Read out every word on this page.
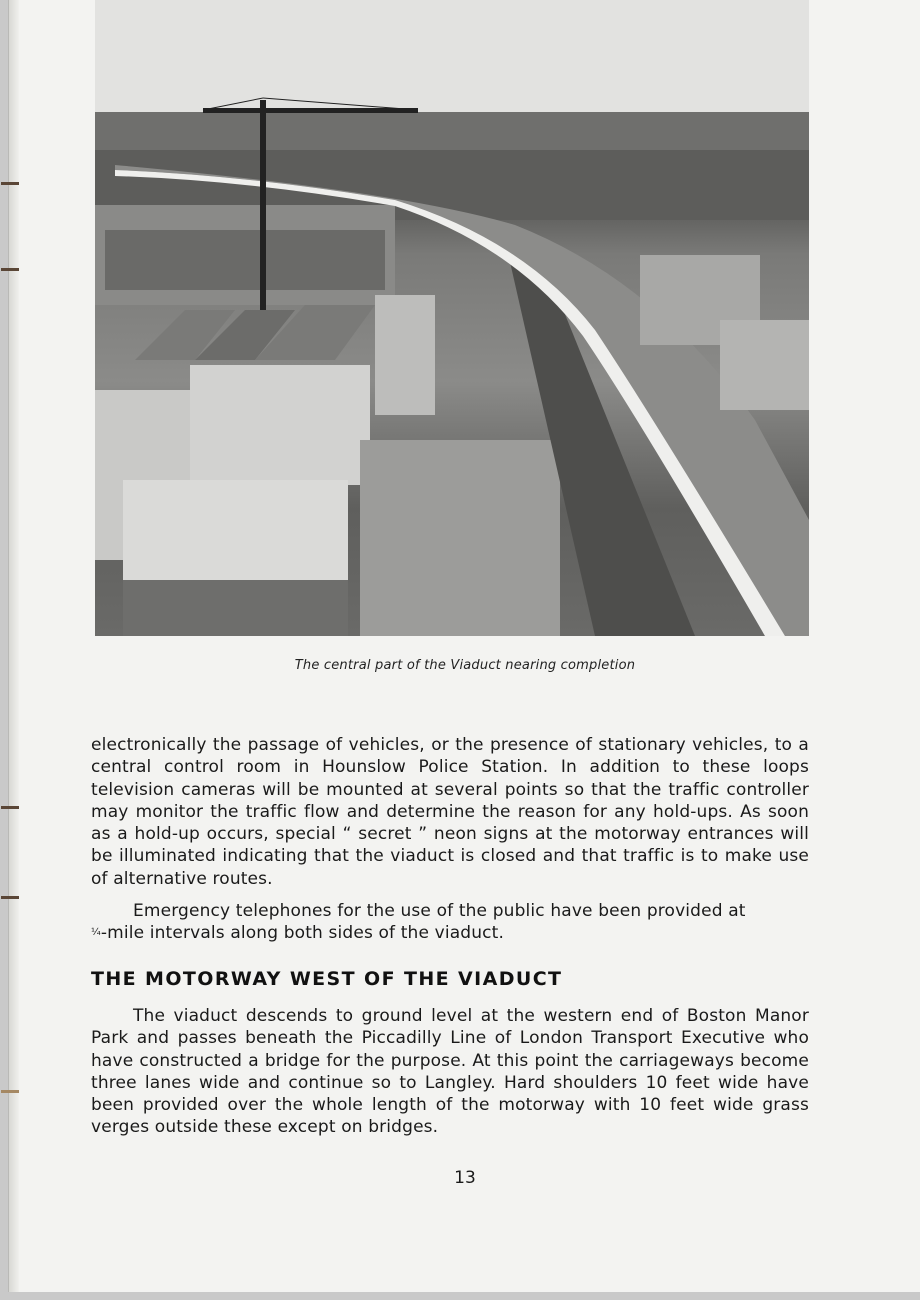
The central part of the Viaduct nearing completion

electronically the passage of vehicles, or the presence of stationary vehicles, to a central control room in Hounslow Police Station. In addition to these loops television cameras will be mounted at several points so that the traffic controller may monitor the traffic flow and determine the reason for any hold-ups. As soon as a hold-up occurs, special “ secret ” neon signs at the motorway entrances will be illuminated indicating that the viaduct is closed and that traffic is to make use of alternative routes.

Emergency telephones for the use of the public have been provided at

¼-mile intervals along both sides of the viaduct.

THE MOTORWAY WEST OF THE VIADUCT

The viaduct descends to ground level at the western end of Boston Manor Park and passes beneath the Piccadilly Line of London Transport Executive who have constructed a bridge for the purpose. At this point the carriageways become three lanes wide and continue so to Langley. Hard shoulders 10 feet wide have been provided over the whole length of the motorway with 10 feet wide grass verges outside these except on bridges.

13
